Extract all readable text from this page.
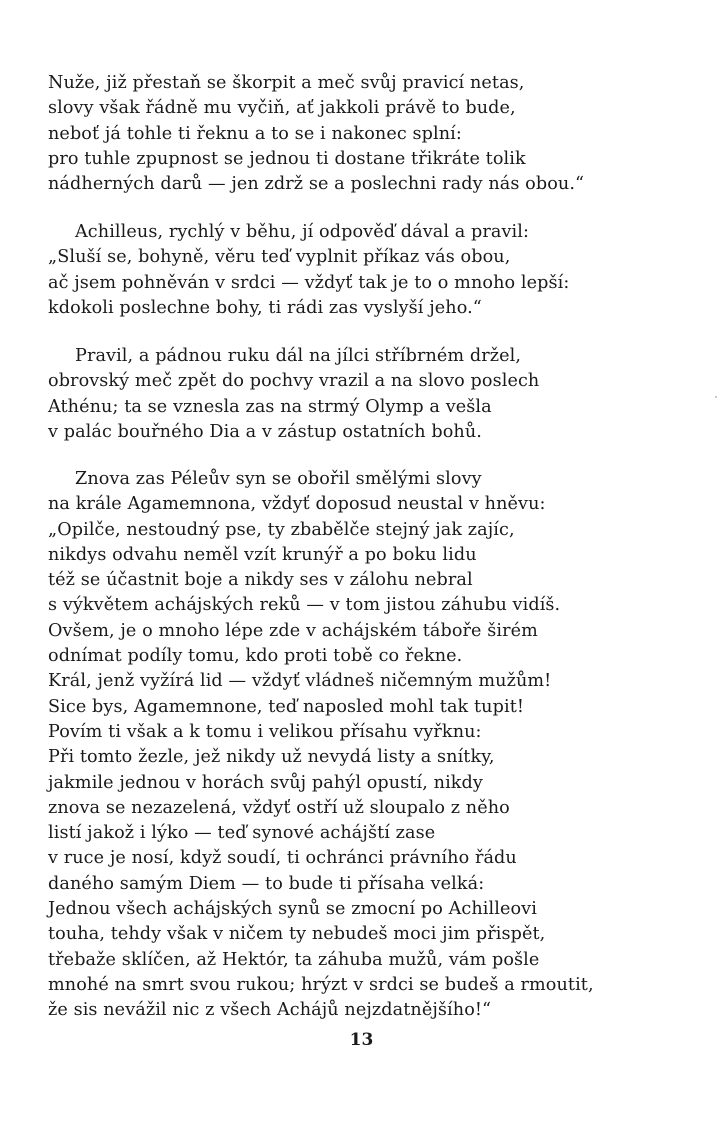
Nuže, již přestaň se škorpit a meč svůj pravicí netas,
slovy však řádně mu vyčiň, ať jakkoli právě to bude,
neboť já tohle ti řeknu a to se i nakonec splní:
pro tuhle zpupnost se jednou ti dostane třikráte tolik
nádherných darů — jen zdrž se a poslechni rady nás obou.“
Achilleus, rychlý v běhu, jí odpověď dával a pravil:
„Sluší se, bohyně, věru teď vyplnit příkaz vás obou,
ač jsem pohněván v srdci — vždyť tak je to o mnoho lepší:
kdokoli poslechne bohy, ti rádi zas vyslyší jeho.“
Pravil, a pádnou ruku dál na jílci stříbrném držel,
obrovský meč zpět do pochvy vrazil a na slovo poslech
Athénu; ta se vznesla zas na strmý Olymp a vešla
v palác bouřného Dia a v zástup ostatních bohů.
Znova zas Péleův syn se obořil smělými slovy
na krále Agamemnona, vždyť doposud neustal v hněvu:
„Opilče, nestoudný pse, ty zbabělče stejný jak zajíc,
nikdys odvahu neměl vzít krunýř a po boku lidu
též se účastnit boje a nikdy ses v zálohu nebral
s výkvětem achájských reků — v tom jistou záhubu vidíš.
Ovšem, je o mnoho lépe zde v achájském táboře širém
odnímat podíly tomu, kdo proti tobě co řekne.
Král, jenž vyžírá lid — vždyť vládneš ničemným mužům!
Sice bys, Agamemnone, teď naposled mohl tak tupit!
Povím ti však a k tomu i velikou přísahu vyřknu:
Při tomto žezle, jež nikdy už nevydá listy a snítky,
jakmile jednou v horách svůj pahýl opustí, nikdy
znova se nezazelená, vždyť ostří už sloupalo z něho
listí jakož i lýko — teď synové achájští zase
v ruce je nosí, když soudí, ti ochránci právního řádu
daného samým Diem — to bude ti přísaha velká:
Jednou všech achájských synů se zmocní po Achilleovi
touha, tehdy však v ničem ty nebudeš moci jim přispět,
třebaže sklíčen, až Hektór, ta záhuba mužů, vám pošle
mnohé na smrt svou rukou; hrýzt v srdci se budeš a rmoutit,
že sis nevážil nic z všech Achájů nejzdatnějšího!“
13
